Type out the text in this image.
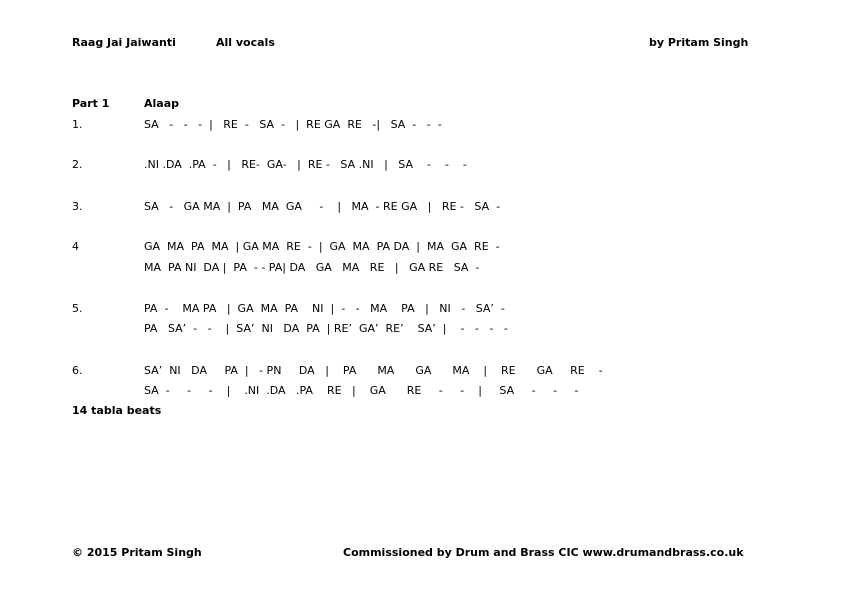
Raag Jai Jaiwanti	All vocals	by Pritam Singh
Part 1	Alaap
1.	SA   -   -   -  |   RE  -   SA  -   |  RE GA  RE   -|   SA  -   -  -
2.	.NI .DA  .PA  -   |   RE-  GA-   |  RE -   SA .NI   |   SA    -    -    -
3.	SA   -   GA MA  |  PA   MA  GA     -    |   MA  - RE GA   |   RE -   SA  -
4	GA  MA  PA  MA  | GA MA  RE  -  |  GA  MA  PA DA  |  MA  GA  RE  -
MA  PA NI  DA |  PA  - - PA| DA   GA   MA   RE   |   GA RE   SA  -
5.	PA  -    MA PA   |  GA  MA  PA    NI  |  -   -   MA    PA   |   NI   -   SA’  -
PA   SA’  -   -    |  SA’  NI   DA  PA  | RE’  GA’  RE’    SA’  |    -   -   -   -
6.	SA’  NI   DA     PA  |   - PN     DA   |    PA      MA      GA      MA    |    RE      GA     RE    -
SA  -     -     -    |    .NI  .DA   .PA    RE   |    GA      RE     -     -    |     SA     -     -     -
14 tabla beats
© 2015 Pritam Singh	Commissioned by Drum and Brass CIC www.drumandbrass.co.uk
